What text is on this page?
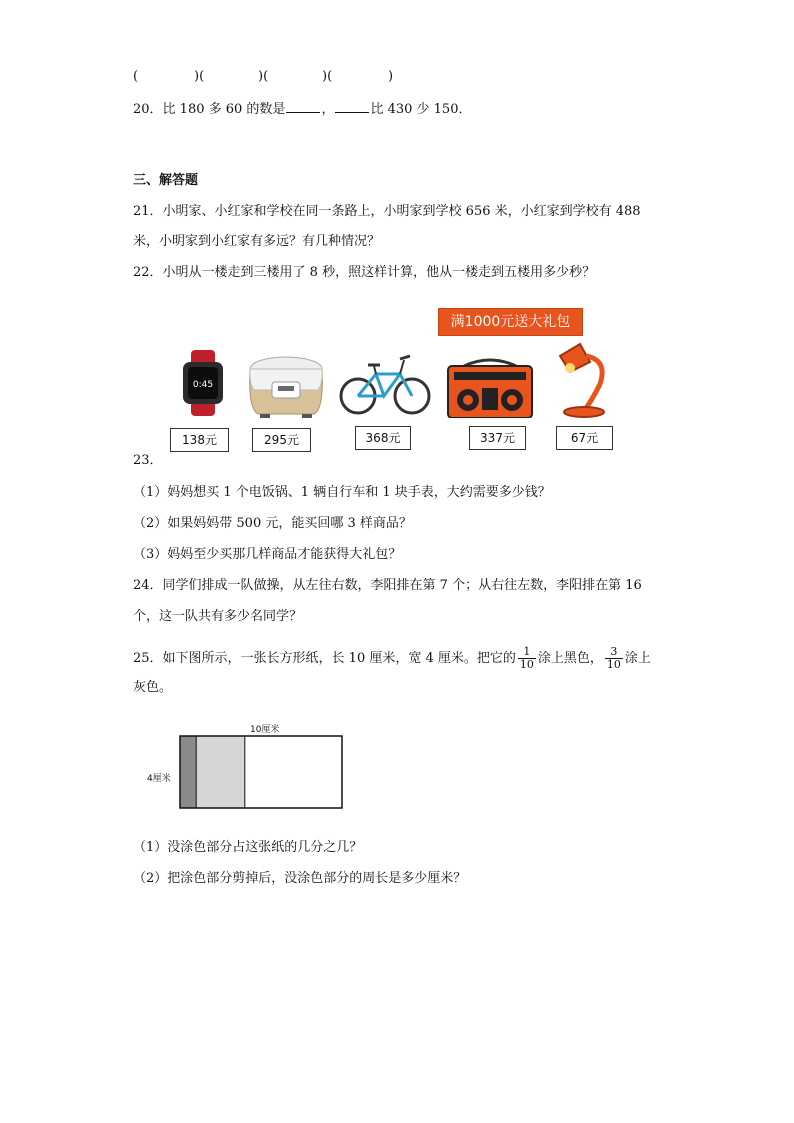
(	)(	)(	)(	)
20．比 180 多 60 的数是	，	比 430 少 150．
三、解答题
21．小明家、小红家和学校在同一条路上，小明家到学校 656 米，小红家到学校有 488
米，小明家到小红家有多远？有几种情况？
22．小明从一楼走到三楼用了 8 秒，照这样计算，他从一楼走到五楼用多少秒？
满1000元送大礼包
0:45
138元	295元	368元	337元	67元
23．
（1）妈妈想买 1 个电饭锅、1 辆自行车和 1 块手表，大约需要多少钱？
（2）如果妈妈带 500 元，能买回哪 3 样商品？
（3）妈妈至少买那几样商品才能获得大礼包？
24．同学们排成一队做操，从左往右数，李阳排在第 7 个；从右往左数，李阳排在第 16
个，这一队共有多少名同学？
25．如下图所示，一张长方形纸，长 10 厘米，宽 4 厘米。把它的 $\frac{1}{10}$ 涂上黑色， $\frac{3}{10}$ 涂上
灰色。
10厘米
4厘米
（1）没涂色部分占这张纸的几分之几？
（2）把涂色部分剪掉后，没涂色部分的周长是多少厘米？
